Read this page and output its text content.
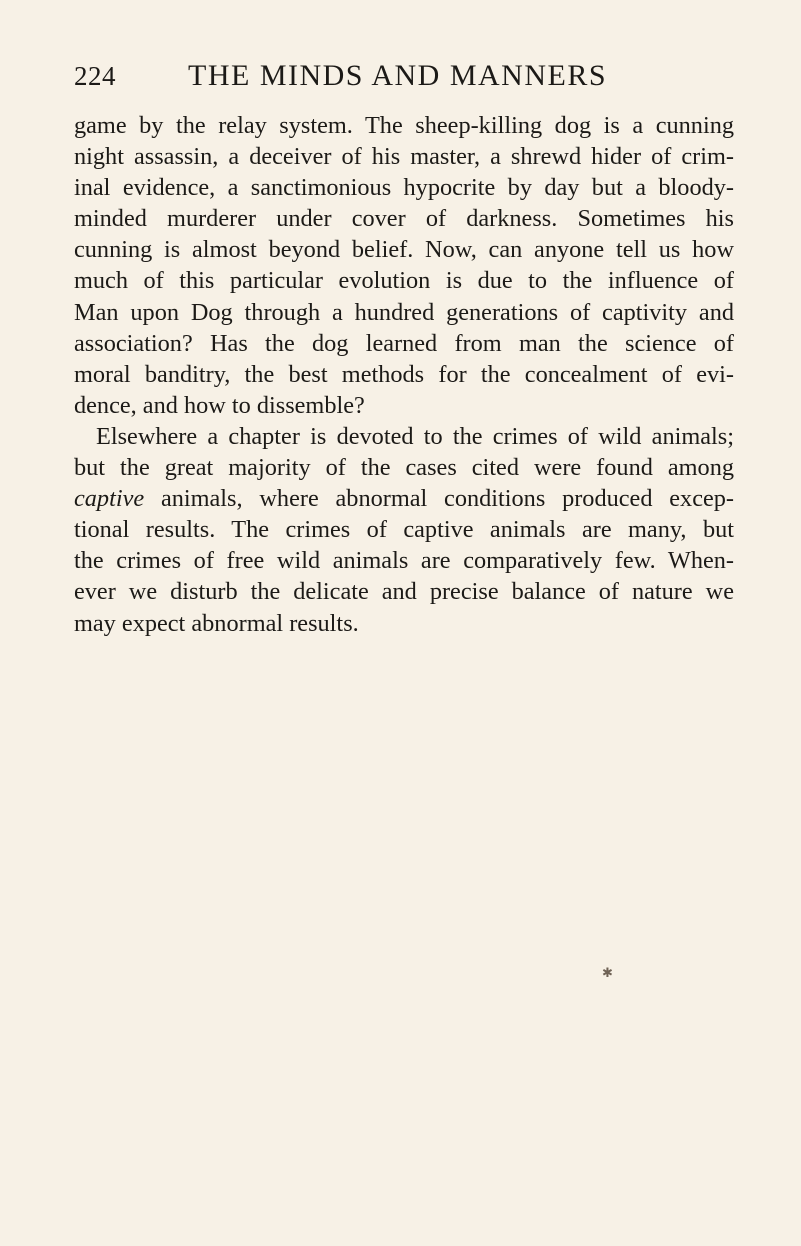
224 THE MINDS AND MANNERS
game by the relay system. The sheep-killing dog is a cunning
night assassin, a deceiver of his master, a shrewd hider of crim-
inal evidence, a sanctimonious hypocrite by day but a bloody-
minded murderer under cover of darkness. Sometimes his
cunning is almost beyond belief. Now, can anyone tell us how
much of this particular evolution is due to the influence of
Man upon Dog through a hundred generations of captivity and
association? Has the dog learned from man the science of
moral banditry, the best methods for the concealment of evi-
dence, and how to dissemble?
Elsewhere a chapter is devoted to the crimes of wild animals;
but the great majority of the cases cited were found among
captive animals, where abnormal conditions produced excep-
tional results. The crimes of captive animals are many, but
the crimes of free wild animals are comparatively few. When-
ever we disturb the delicate and precise balance of nature we
may expect abnormal results.
✱
